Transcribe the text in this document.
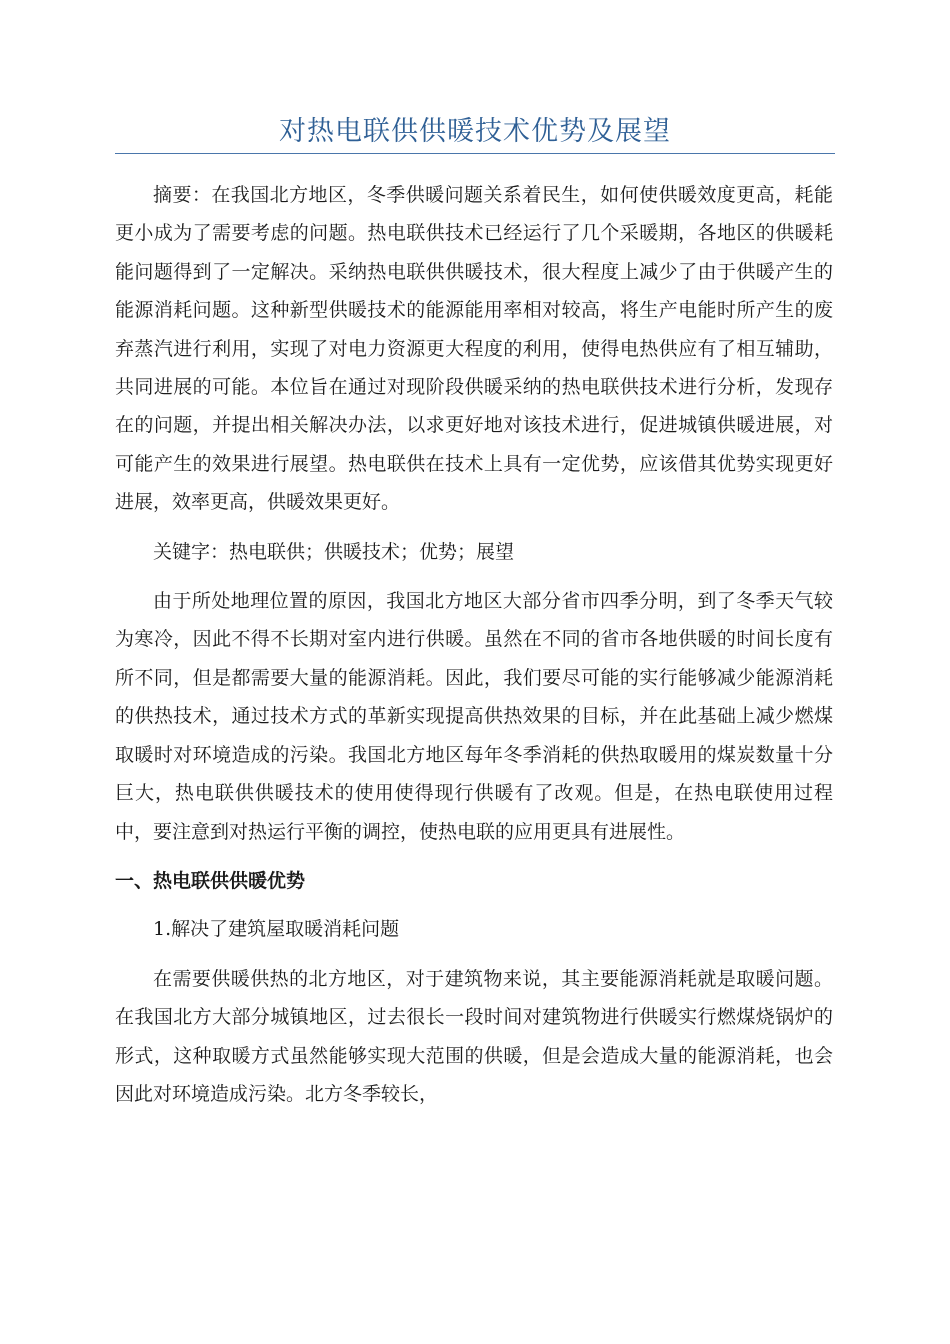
对热电联供供暖技术优势及展望

摘要：在我国北方地区，冬季供暖问题关系着民生，如何使供暖效度更高，耗能更小成为了需要考虑的问题。热电联供技术已经运行了几个采暖期，各地区的供暖耗能问题得到了一定解决。采纳热电联供供暖技术，很大程度上减少了由于供暖产生的能源消耗问题。这种新型供暖技术的能源能用率相对较高，将生产电能时所产生的废弃蒸汽进行利用，实现了对电力资源更大程度的利用，使得电热供应有了相互辅助，共同进展的可能。本位旨在通过对现阶段供暖采纳的热电联供技术进行分析，发现存在的问题，并提出相关解决办法，以求更好地对该技术进行，促进城镇供暖进展，对可能产生的效果进行展望。热电联供在技术上具有一定优势，应该借其优势实现更好进展，效率更高，供暖效果更好。

关键字：热电联供；供暖技术；优势；展望

由于所处地理位置的原因，我国北方地区大部分省市四季分明，到了冬季天气较为寒冷，因此不得不长期对室内进行供暖。虽然在不同的省市各地供暖的时间长度有所不同，但是都需要大量的能源消耗。因此，我们要尽可能的实行能够减少能源消耗的供热技术，通过技术方式的革新实现提高供热效果的目标，并在此基础上减少燃煤取暖时对环境造成的污染。我国北方地区每年冬季消耗的供热取暖用的煤炭数量十分巨大，热电联供供暖技术的使用使得现行供暖有了改观。但是，在热电联使用过程中，要注意到对热运行平衡的调控，使热电联的应用更具有进展性。

一、热电联供供暖优势

1.解决了建筑屋取暖消耗问题

在需要供暖供热的北方地区，对于建筑物来说，其主要能源消耗就是取暖问题。在我国北方大部分城镇地区，过去很长一段时间对建筑物进行供暖实行燃煤烧锅炉的形式，这种取暖方式虽然能够实现大范围的供暖，但是会造成大量的能源消耗，也会因此对环境造成污染。北方冬季较长，
